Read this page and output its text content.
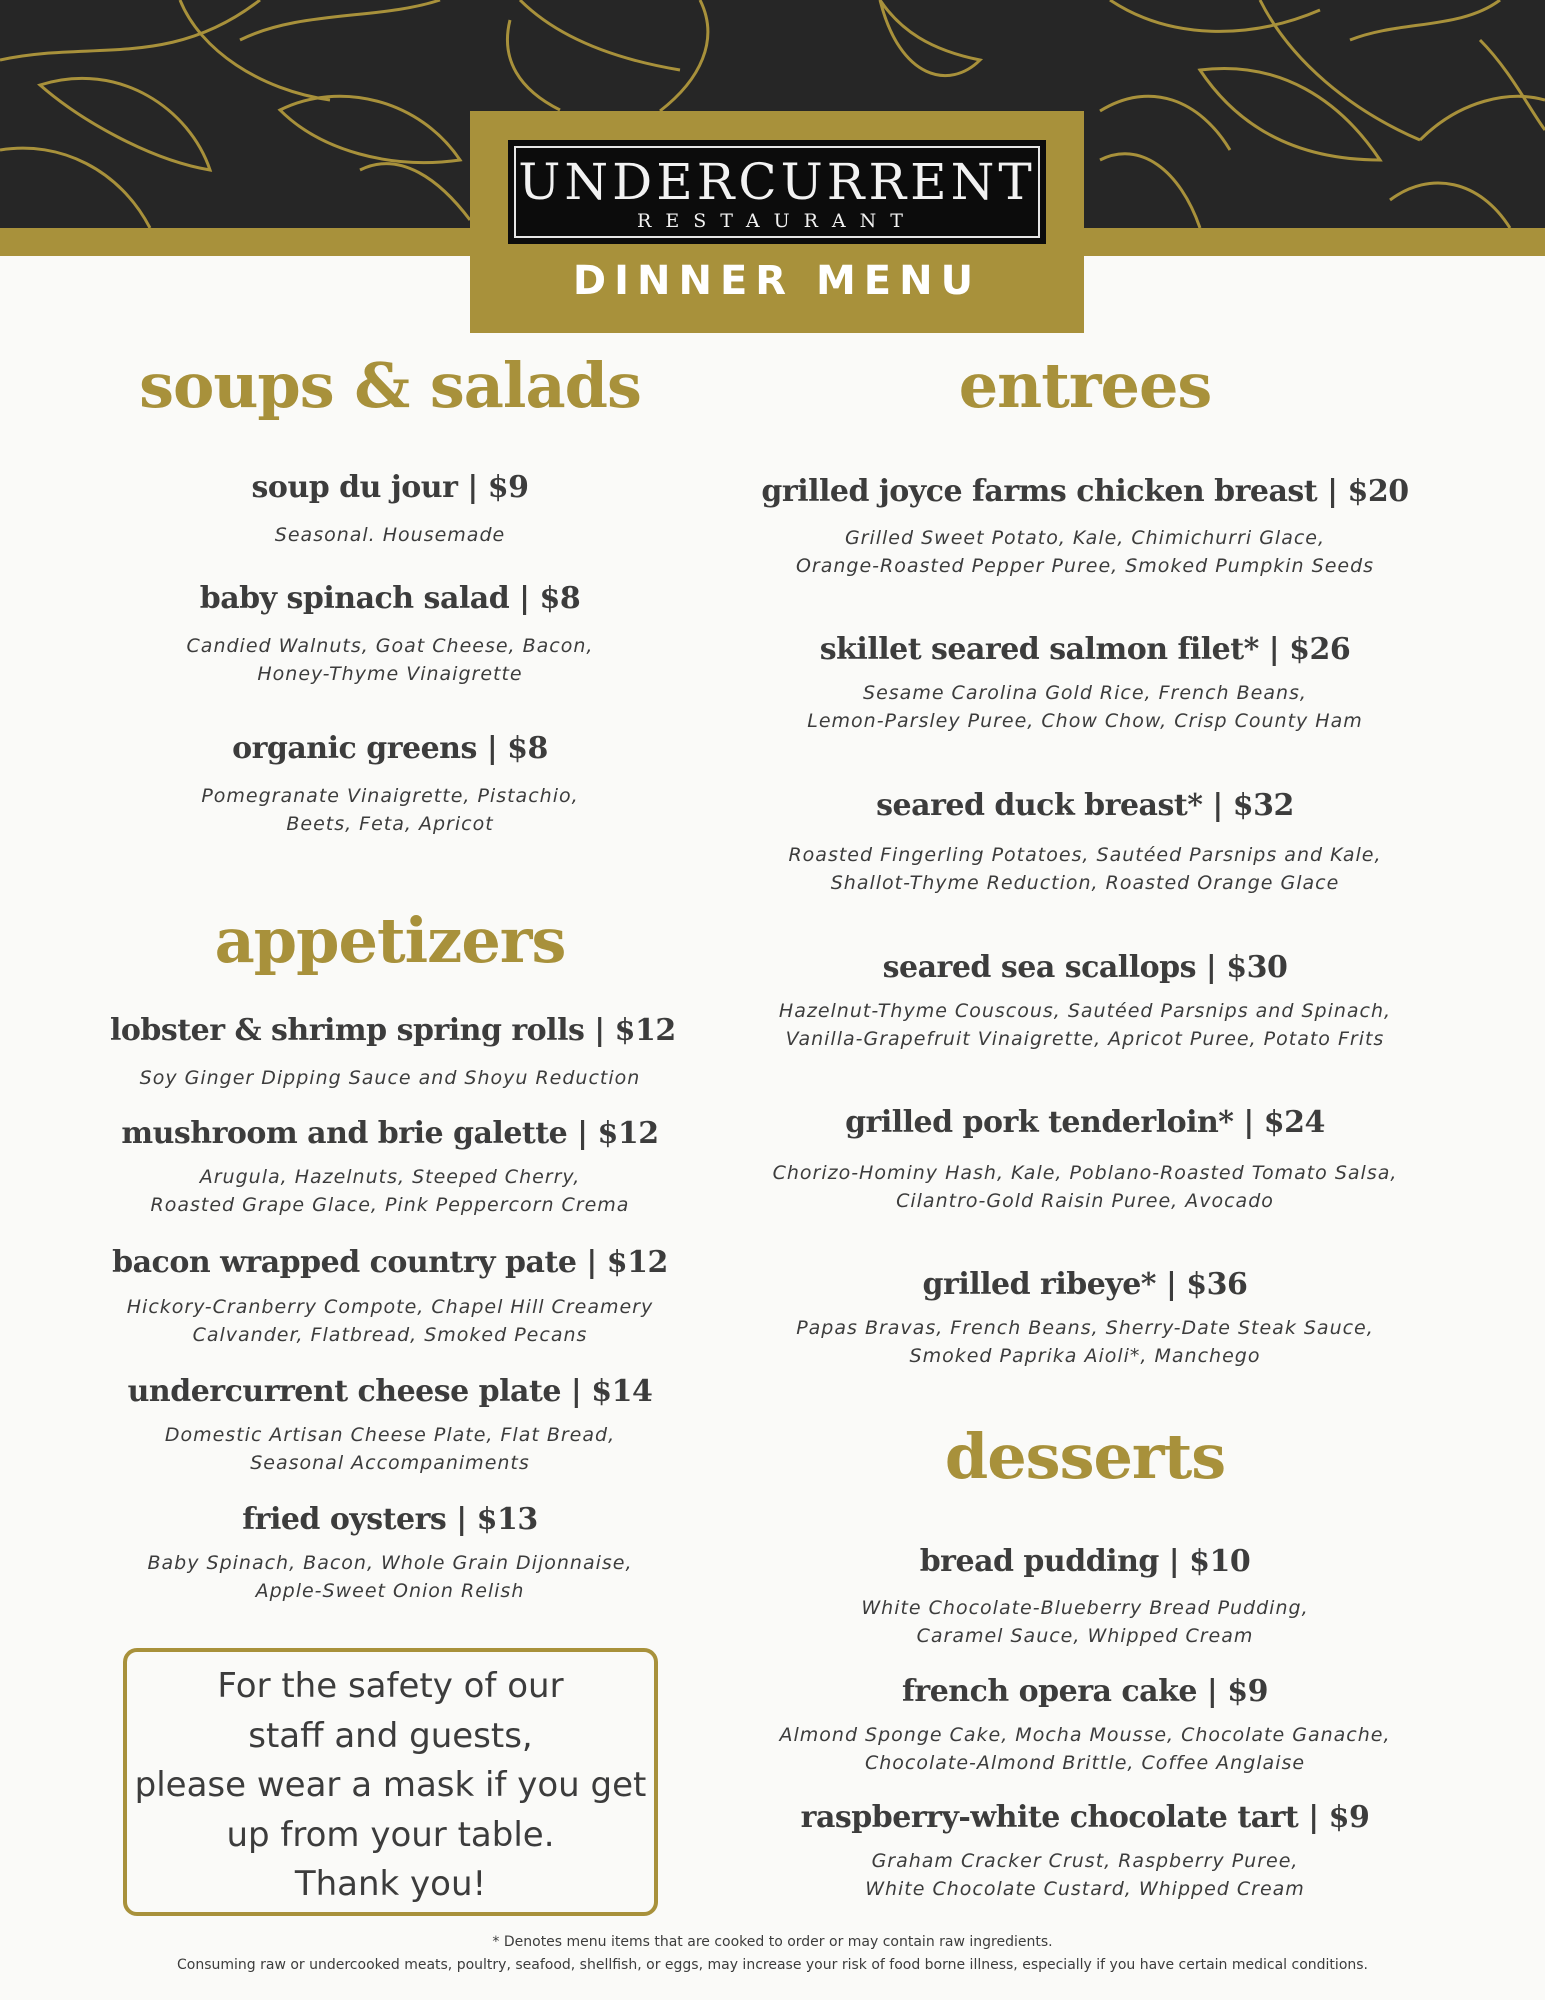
UNDERCURRENT
RESTAURANT
DINNER MENU
soups & salads
soup du jour | $9
Seasonal. Housemade
baby spinach salad | $8
Candied Walnuts, Goat Cheese, Bacon,
Honey-Thyme Vinaigrette
organic greens | $8
Pomegranate Vinaigrette, Pistachio,
Beets, Feta, Apricot
appetizers
lobster & shrimp spring rolls | $12
Soy Ginger Dipping Sauce and Shoyu Reduction
mushroom and brie galette | $12
Arugula, Hazelnuts, Steeped Cherry,
Roasted Grape Glace, Pink Peppercorn Crema
bacon wrapped country pate | $12
Hickory-Cranberry Compote, Chapel Hill Creamery
Calvander, Flatbread, Smoked Pecans
undercurrent cheese plate | $14
Domestic Artisan Cheese Plate, Flat Bread,
Seasonal Accompaniments
fried oysters | $13
Baby Spinach, Bacon, Whole Grain Dijonnaise,
Apple-Sweet Onion Relish
For the safety of our
staff and guests,
please wear a mask if you get
up from your table.
Thank you!
entrees
grilled joyce farms chicken breast | $20
Grilled Sweet Potato, Kale, Chimichurri Glace,
Orange-Roasted Pepper Puree, Smoked Pumpkin Seeds
skillet seared salmon filet* | $26
Sesame Carolina Gold Rice, French Beans,
Lemon-Parsley Puree, Chow Chow, Crisp County Ham
seared duck breast* | $32
Roasted Fingerling Potatoes, Sautéed Parsnips and Kale,
Shallot-Thyme Reduction, Roasted Orange Glace
seared sea scallops | $30
Hazelnut-Thyme Couscous, Sautéed Parsnips and Spinach,
Vanilla-Grapefruit Vinaigrette, Apricot Puree, Potato Frits
grilled pork tenderloin* | $24
Chorizo-Hominy Hash, Kale, Poblano-Roasted Tomato Salsa,
Cilantro-Gold Raisin Puree, Avocado
grilled ribeye* | $36
Papas Bravas, French Beans, Sherry-Date Steak Sauce,
Smoked Paprika Aioli*, Manchego
desserts
bread pudding | $10
White Chocolate-Blueberry Bread Pudding,
Caramel Sauce, Whipped Cream
french opera cake | $9
Almond Sponge Cake, Mocha Mousse, Chocolate Ganache,
Chocolate-Almond Brittle, Coffee Anglaise
raspberry-white chocolate tart | $9
Graham Cracker Crust, Raspberry Puree,
White Chocolate Custard, Whipped Cream
* Denotes menu items that are cooked to order or may contain raw ingredients.
Consuming raw or undercooked meats, poultry, seafood, shellfish, or eggs, may increase your risk of food borne illness, especially if you have certain medical conditions.
